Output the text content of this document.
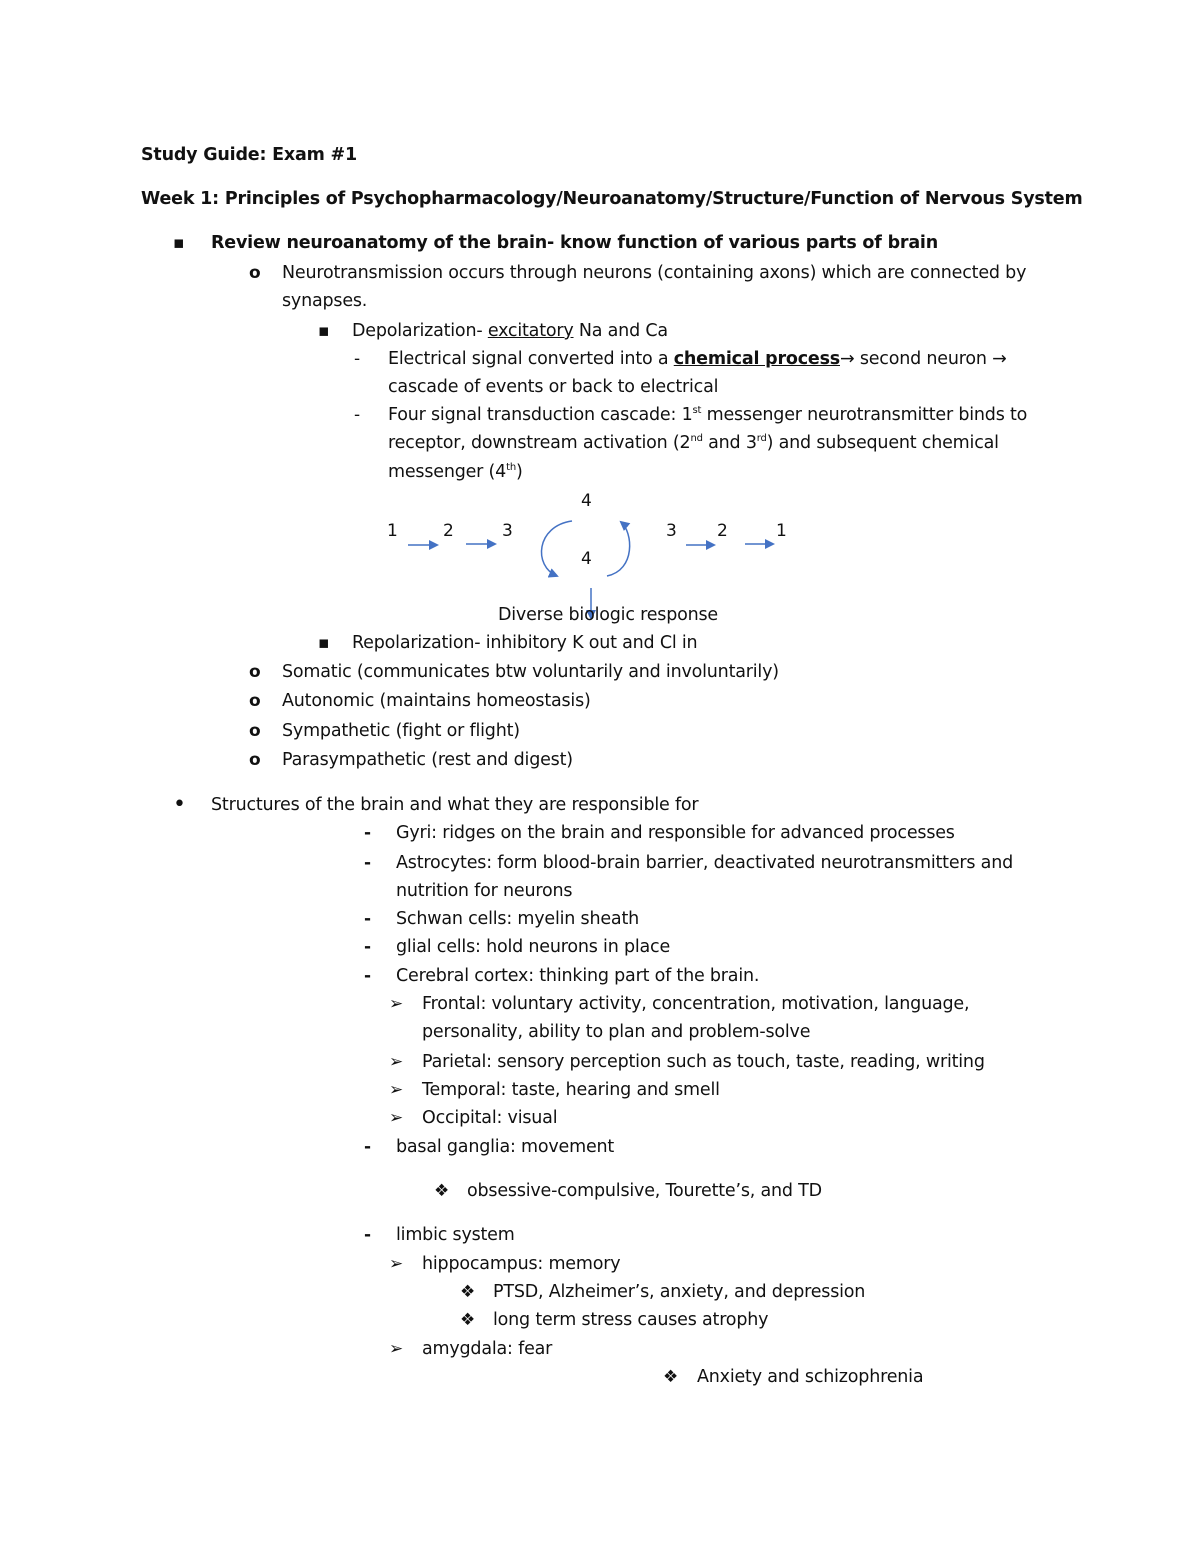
Study Guide: Exam #1
Week 1: Principles of Psychopharmacology/Neuroanatomy/Structure/Function of Nervous System
▪ Review neuroanatomy of the brain- know function of various parts of brain
o Neurotransmission occurs through neurons (containing axons) which are connected by
synapses.
▪ Depolarization- excitatory Na and Ca
- Electrical signal converted into a chemical process→ second neuron →
cascade of events or back to electrical
- Four signal transduction cascade: 1st messenger neurotransmitter binds to
receptor, downstream activation (2nd and 3rd) and subsequent chemical
messenger (4th)
1	2	3
4
4
3 2	1
Diverse biologic response
▪ Repolarization- inhibitory K out and Cl in
o Somatic (communicates btw voluntarily and involuntarily)
o Autonomic (maintains homeostasis)
o Sympathetic (fight or flight)
o Parasympathetic (rest and digest)
• Structures of the brain and what they are responsible for
- Gyri: ridges on the brain and responsible for advanced processes
- Astrocytes: form blood-brain barrier, deactivated neurotransmitters and
nutrition for neurons
- Schwan cells: myelin sheath
- glial cells: hold neurons in place
- Cerebral cortex: thinking part of the brain.
➢ Frontal: voluntary activity, concentration, motivation, language,
personality, ability to plan and problem-solve
➢ Parietal: sensory perception such as touch, taste, reading, writing
➢ Temporal: taste, hearing and smell
➢ Occipital: visual
- basal ganglia: movement
❖ obsessive-compulsive, Tourette’s, and TD
- limbic system
➢ hippocampus: memory
❖ PTSD, Alzheimer’s, anxiety, and depression
❖ long term stress causes atrophy
➢ amygdala: fear
❖ Anxiety and schizophrenia
